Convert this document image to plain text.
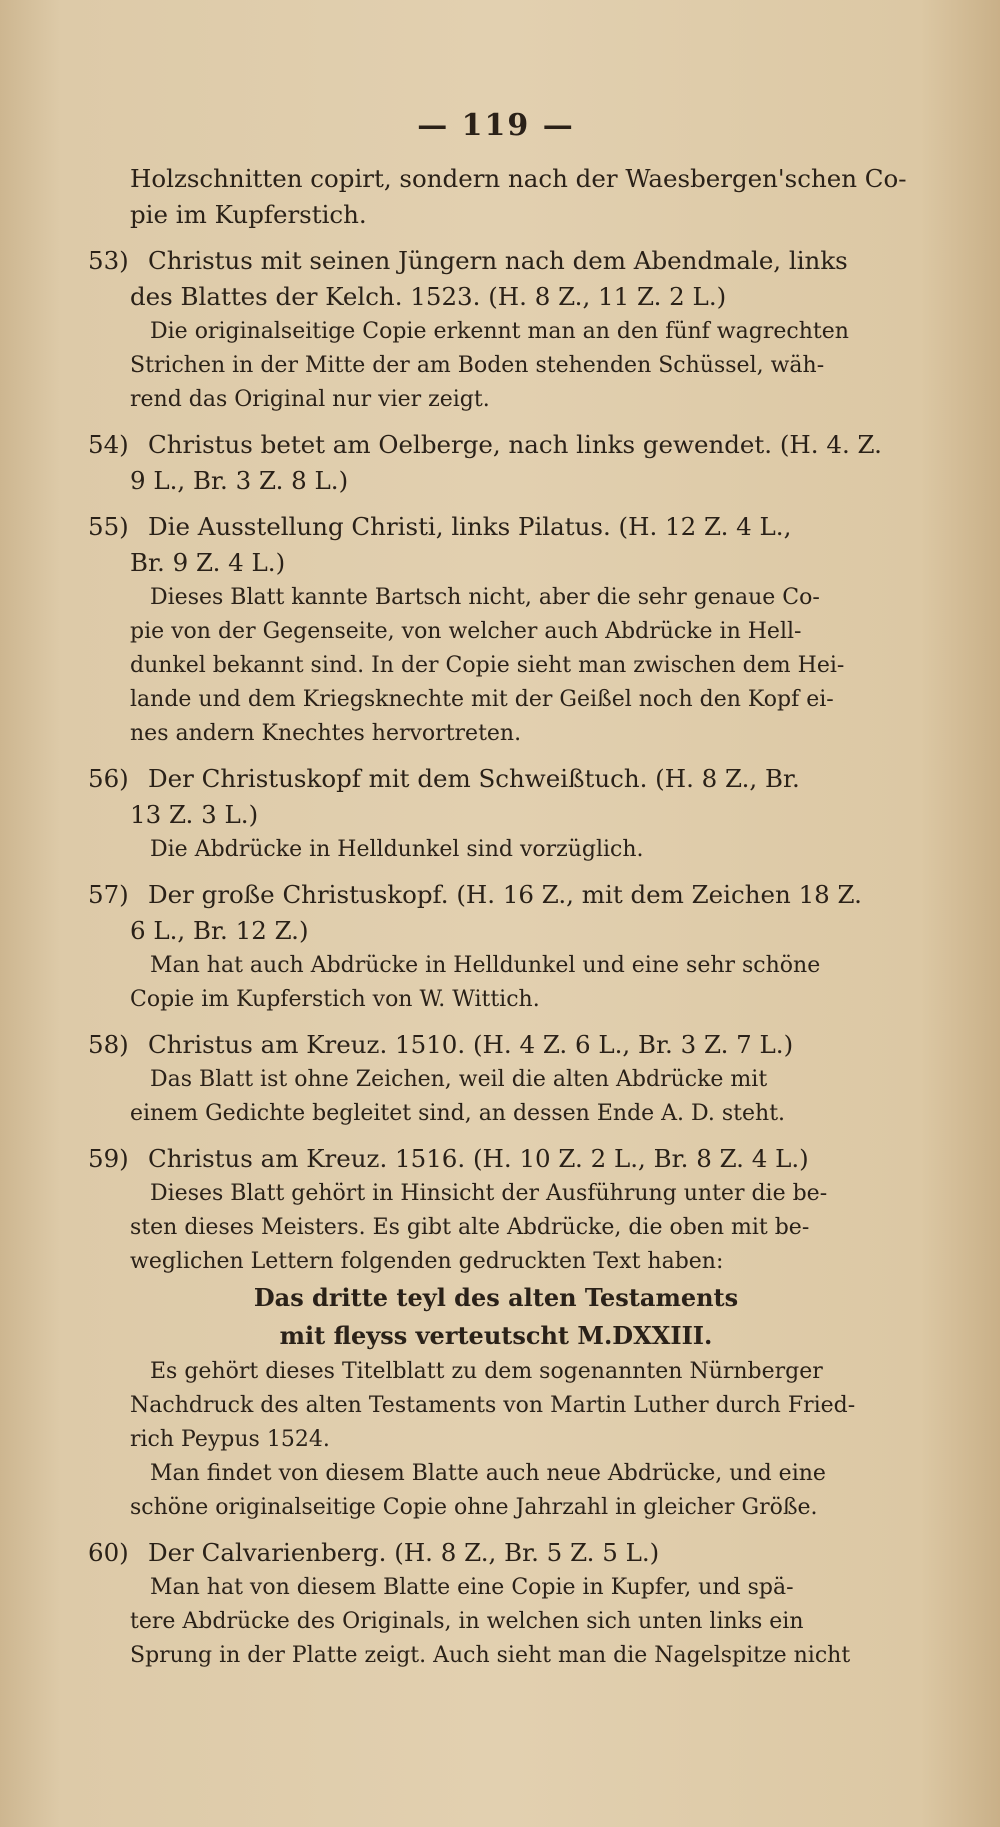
— 119 —
Holzschnitten copirt, sondern nach der Waesbergen'schen Co-
pie im Kupferstich.
53) Christus mit seinen Jüngern nach dem Abendmale, links
des Blattes der Kelch. 1523. (H. 8 Z., 11 Z. 2 L.)
Die originalseitige Copie erkennt man an den fünf wagrechten
Strichen in der Mitte der am Boden stehenden Schüssel, wäh-
rend das Original nur vier zeigt.
54) Christus betet am Oelberge, nach links gewendet. (H. 4. Z.
9 L., Br. 3 Z. 8 L.)
55) Die Ausstellung Christi, links Pilatus. (H. 12 Z. 4 L.,
Br. 9 Z. 4 L.)
Dieses Blatt kannte Bartsch nicht, aber die sehr genaue Co-
pie von der Gegenseite, von welcher auch Abdrücke in Hell-
dunkel bekannt sind. In der Copie sieht man zwischen dem Hei-
lande und dem Kriegsknechte mit der Geißel noch den Kopf ei-
nes andern Knechtes hervortreten.
56) Der Christuskopf mit dem Schweißtuch. (H. 8 Z., Br.
13 Z. 3 L.)
Die Abdrücke in Helldunkel sind vorzüglich.
57) Der große Christuskopf. (H. 16 Z., mit dem Zeichen 18 Z.
6 L., Br. 12 Z.)
Man hat auch Abdrücke in Helldunkel und eine sehr schöne
Copie im Kupferstich von W. Wittich.
58) Christus am Kreuz. 1510. (H. 4 Z. 6 L., Br. 3 Z. 7 L.)
Das Blatt ist ohne Zeichen, weil die alten Abdrücke mit
einem Gedichte begleitet sind, an dessen Ende A. D. steht.
59) Christus am Kreuz. 1516. (H. 10 Z. 2 L., Br. 8 Z. 4 L.)
Dieses Blatt gehört in Hinsicht der Ausführung unter die be-
sten dieses Meisters. Es gibt alte Abdrücke, die oben mit be-
weglichen Lettern folgenden gedruckten Text haben:
Das dritte teyl des alten Testaments
mit fleyss verteutscht M.DXXIII.
Es gehört dieses Titelblatt zu dem sogenannten Nürnberger
Nachdruck des alten Testaments von Martin Luther durch Fried-
rich Peypus 1524.
Man findet von diesem Blatte auch neue Abdrücke, und eine
schöne originalseitige Copie ohne Jahrzahl in gleicher Größe.
60) Der Calvarienberg. (H. 8 Z., Br. 5 Z. 5 L.)
Man hat von diesem Blatte eine Copie in Kupfer, und spä-
tere Abdrücke des Originals, in welchen sich unten links ein
Sprung in der Platte zeigt. Auch sieht man die Nagelspitze nicht
